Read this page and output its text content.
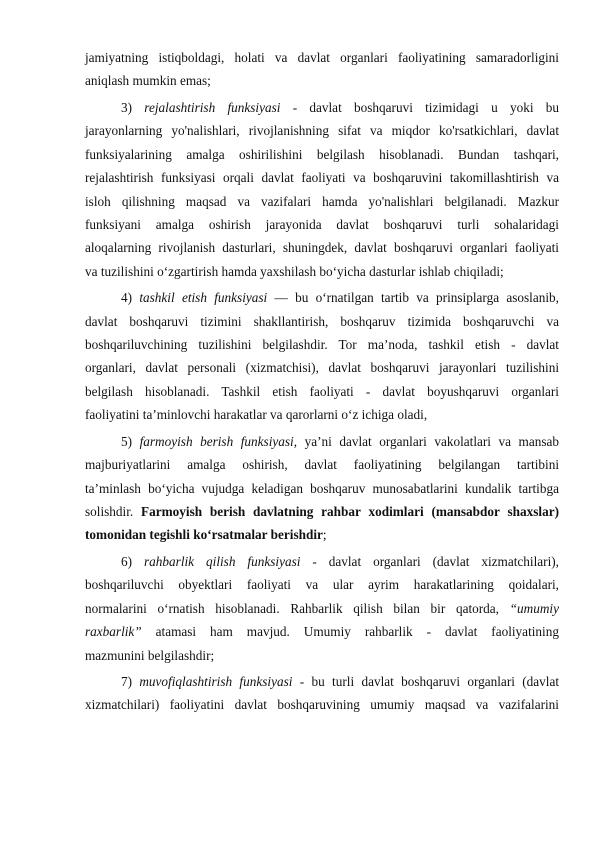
jamiyatning istiqboldagi, holati va davlat organlari faoliyatining samaradorligini
aniqlash mumkin emas;
3) rejalashtirish funksiyasi - davlat boshqaruvi tizimidagi u yoki bu
jarayonlarning yo'nalishlari, rivojlanishning sifat va miqdor ko'rsatkichlari, davlat
funksiyalarining amalga oshirilishini belgilash hisoblanadi. Bundan tashqari,
rejalashtirish funksiyasi orqali davlat faoliyati va boshqaruvini takomillashtirish va
isloh qilishning maqsad va vazifalari hamda yo'nalishlari belgilanadi. Mazkur
funksiyani amalga oshirish jarayonida davlat boshqaruvi turli sohalaridagi
aloqalarning rivojlanish dasturlari, shuningdek, davlat boshqaruvi organlari faoliyati
va tuzilishini o‘zgartirish hamda yaxshilash bo‘yicha dasturlar ishlab chiqiladi;
4) tashkil etish funksiyasi — bu o‘rnatilgan tartib va prinsiplarga asoslanib,
davlat boshqaruvi tizimini shakllantirish, boshqaruv tizimida boshqaruvchi va
boshqariluvchining tuzilishini belgilashdir. Tor ma’noda, tashkil etish - davlat
organlari, davlat personali (xizmatchisi), davlat boshqaruvi jarayonlari tuzilishini
belgilash hisoblanadi. Tashkil etish faoliyati - davlat boyushqaruvi organlari
faoliyatini ta’minlovchi harakatlar va qarorlarni o‘z ichiga oladi,
5) farmoyish berish funksiyasi, ya’ni davlat organlari vakolatlari va mansab
majburiyatlarini amalga oshirish, davlat faoliyatining belgilangan tartibini
ta’minlash bo‘yicha vujudga keladigan boshqaruv munosabatlarini kundalik tartibga
solishdir. Farmoyish berish davlatning rahbar xodimlari (mansabdor shaxslar)
tomonidan tegishli ko‘rsatmalar berishdir;
6) rahbarlik qilish funksiyasi - davlat organlari (davlat xizmatchilari),
boshqariluvchi obyektlari faoliyati va ular ayrim harakatlarining qoidalari,
normalarini o‘rnatish hisoblanadi. Rahbarlik qilish bilan bir qatorda, “umumiy
raxbarlik” atamasi ham mavjud. Umumiy rahbarlik - davlat faoliyatining
mazmunini belgilashdir;
7) muvofiqlashtirish funksiyasi - bu turli davlat boshqaruvi organlari (davlat
xizmatchilari) faoliyatini davlat boshqaruvining umumiy maqsad va vazifalarini
